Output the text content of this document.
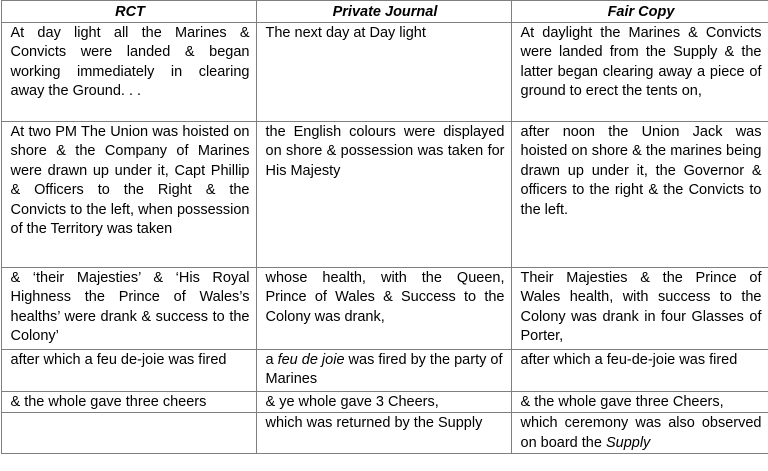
RCT	Private Journal	Fair Copy
At day light all the Marines & Convicts were landed & began working immediately in clearing away the Ground. . .	The next day at Day light	At daylight the Marines & Convicts were landed from the Supply & the latter began clearing away a piece of ground to erect the tents on,
At two PM The Union was hoisted on shore & the Company of Marines were drawn up under it, Capt Phillip & Officers to the Right & the Convicts to the left, when possession of the Territory was taken	the English colours were displayed on shore & possession was taken for His Majesty	after noon the Union Jack was hoisted on shore & the marines being drawn up under it, the Governor & officers to the right & the Convicts to the left.
& ‘their Majesties’ & ‘His Royal Highness the Prince of Wales’s healths’ were drank & success to the Colony’	whose health, with the Queen, Prince of Wales & Success to the Colony was drank,	Their Majesties & the Prince of Wales health, with success to the Colony was drank in four Glasses of Porter,
after which a feu de-joie was fired	a feu de joie was fired by the party of Marines	after which a feu-de-joie was fired
& the whole gave three cheers	& ye whole gave 3 Cheers,	& the whole gave three Cheers,
	which was returned by the Supply	which ceremony was also observed on board the Supply
